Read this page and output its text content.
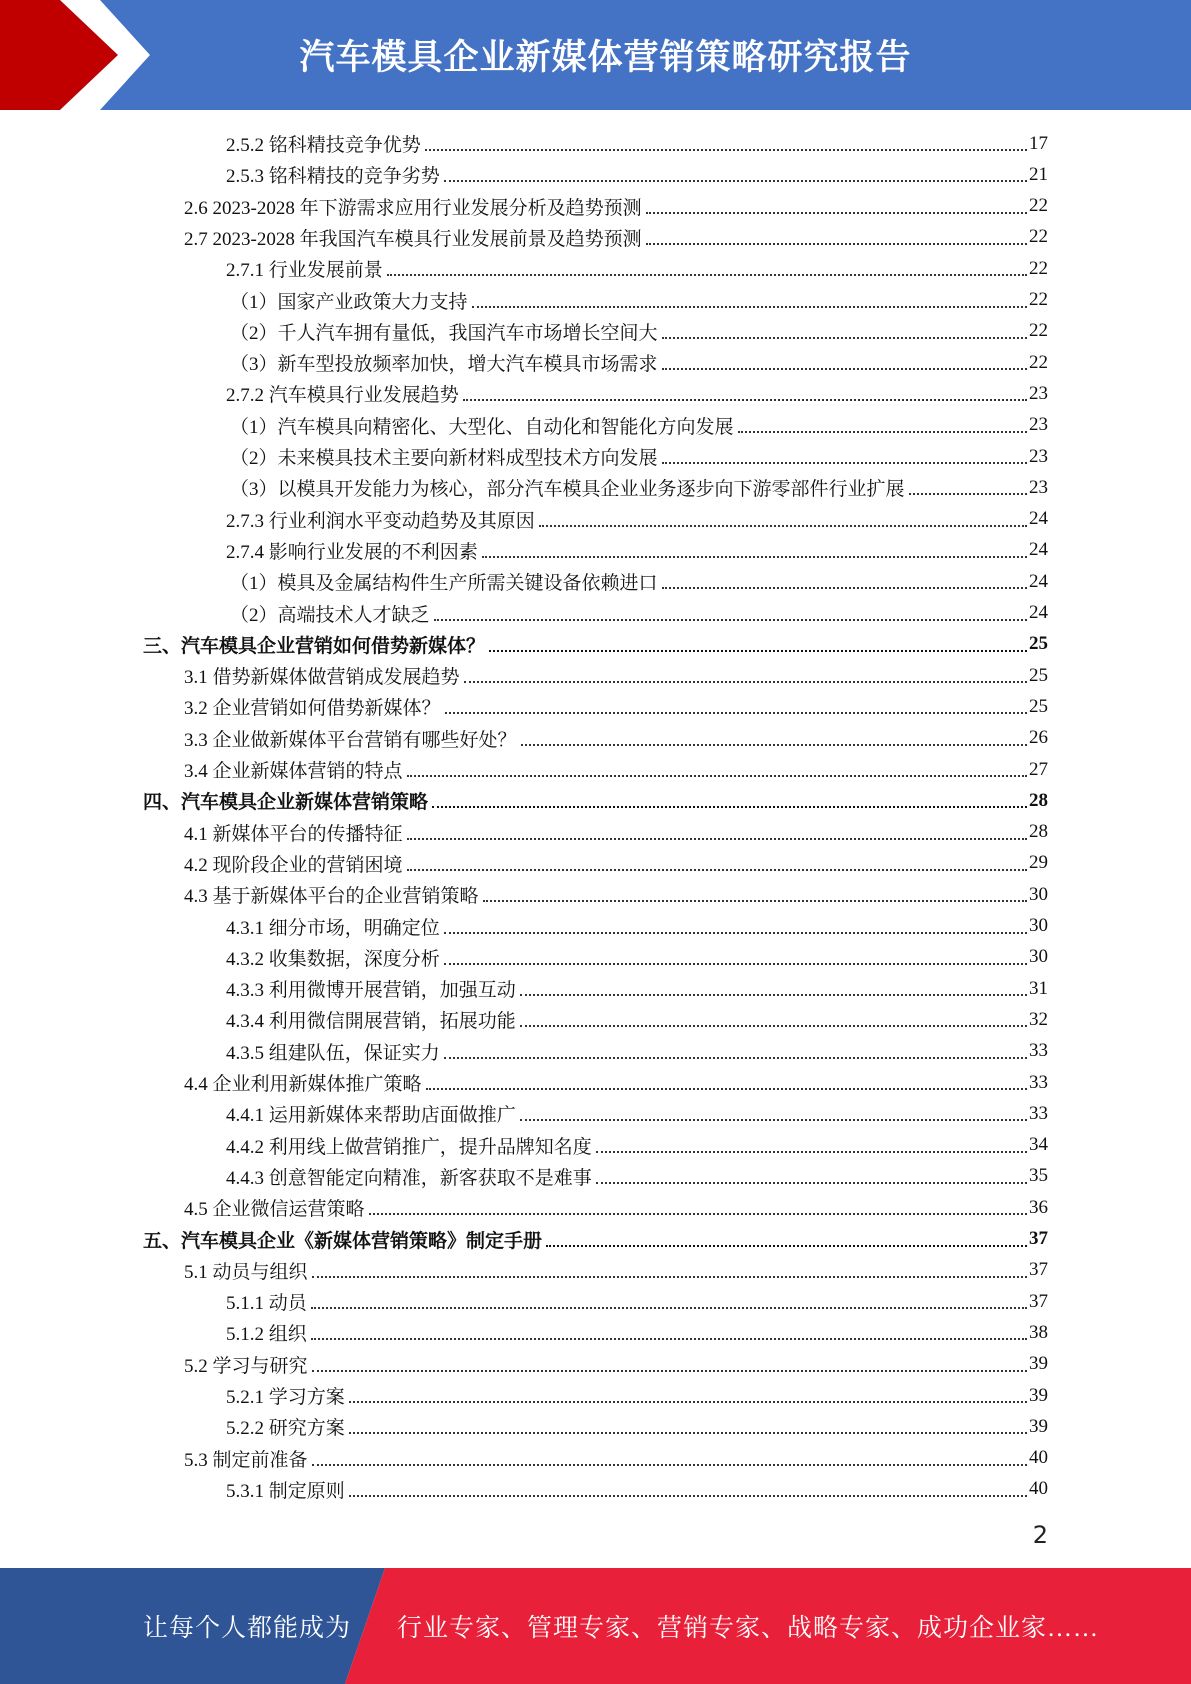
汽车模具企业新媒体营销策略研究报告
2.5.2 铭科精技竞争优势	17
2.5.3 铭科精技的竞争劣势	21
2.6 2023-2028 年下游需求应用行业发展分析及趋势预测	22
2.7 2023-2028 年我国汽车模具行业发展前景及趋势预测	22
2.7.1 行业发展前景	22
（1）国家产业政策大力支持	22
（2）千人汽车拥有量低，我国汽车市场增长空间大	22
（3）新车型投放频率加快，增大汽车模具市场需求	22
2.7.2 汽车模具行业发展趋势	23
（1）汽车模具向精密化、大型化、自动化和智能化方向发展	23
（2）未来模具技术主要向新材料成型技术方向发展	23
（3）以模具开发能力为核心，部分汽车模具企业业务逐步向下游零部件行业扩展	23
2.7.3 行业利润水平变动趋势及其原因	24
2.7.4 影响行业发展的不利因素	24
（1）模具及金属结构件生产所需关键设备依赖进口	24
（2）高端技术人才缺乏	24
三、汽车模具企业营销如何借势新媒体？	25
3.1 借势新媒体做营销成发展趋势	25
3.2 企业营销如何借势新媒体？	25
3.3 企业做新媒体平台营销有哪些好处？	26
3.4 企业新媒体营销的特点	27
四、汽车模具企业新媒体营销策略	28
4.1 新媒体平台的传播特征	28
4.2 现阶段企业的营销困境	29
4.3 基于新媒体平台的企业营销策略	30
4.3.1 细分市场，明确定位	30
4.3.2 收集数据，深度分析	30
4.3.3 利用微博开展营销，加强互动	31
4.3.4 利用微信開展营销，拓展功能	32
4.3.5 组建队伍，保证实力	33
4.4 企业利用新媒体推广策略	33
4.4.1 运用新媒体来帮助店面做推广	33
4.4.2 利用线上做营销推广，提升品牌知名度	34
4.4.3 创意智能定向精准，新客获取不是难事	35
4.5 企业微信运营策略	36
五、汽车模具企业《新媒体营销策略》制定手册	37
5.1 动员与组织	37
5.1.1 动员	37
5.1.2 组织	38
5.2 学习与研究	39
5.2.1 学习方案	39
5.2.2 研究方案	39
5.3 制定前准备	40
5.3.1 制定原则	40
2
让每个人都能成为 行业专家、管理专家、营销专家、战略专家、成功企业家……
